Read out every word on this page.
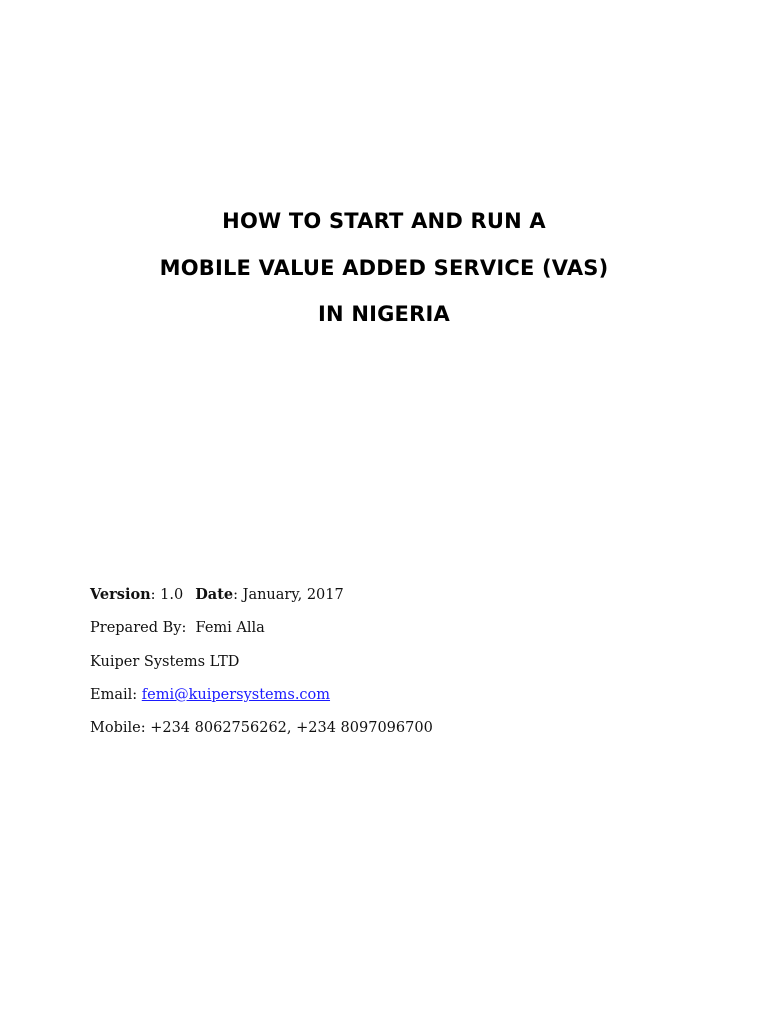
HOW TO START AND RUN A
MOBILE VALUE ADDED SERVICE (VAS)
IN NIGERIA
Version: 1.0 Date: January, 2017
Prepared By:  Femi Alla
Kuiper Systems LTD
Email: femi@kuipersystems.com
Mobile: +234 8062756262, +234 8097096700
